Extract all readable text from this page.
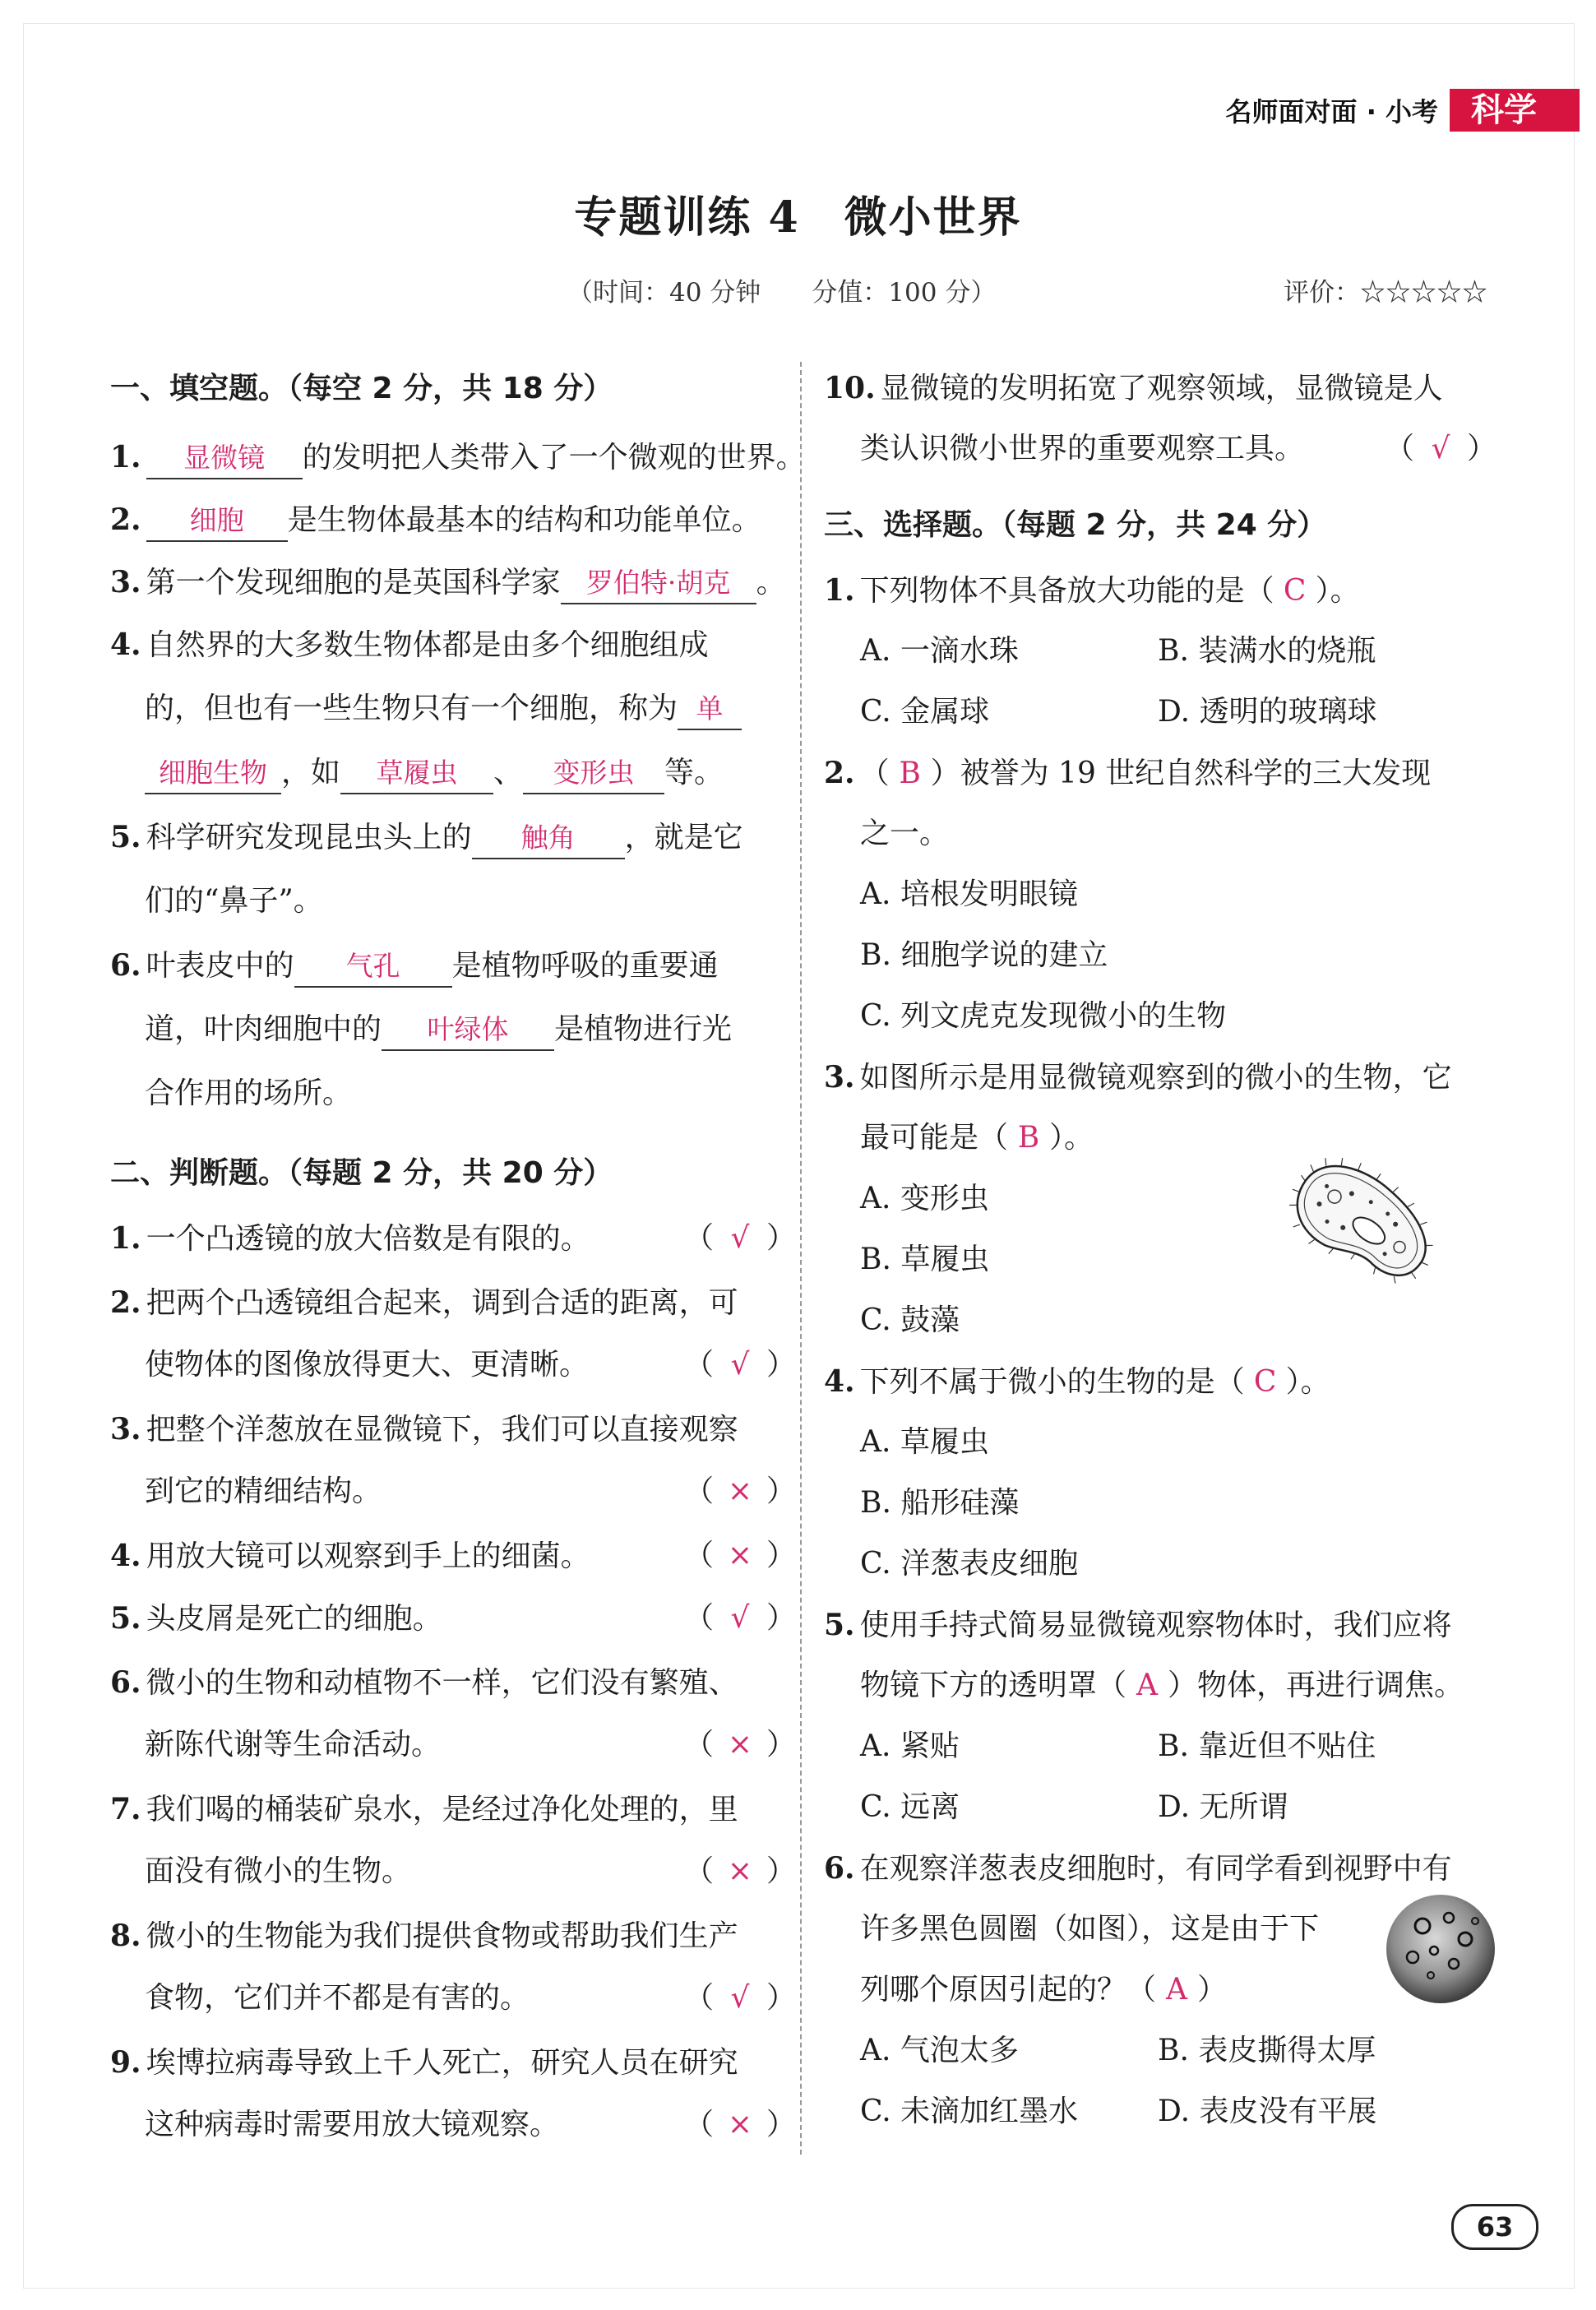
名师面对面 · 小考	科学
专题训练 4　微小世界
（时间：40 分钟　　分值：100 分）	评价：☆☆☆☆☆
一、填空题。（每空 2 分，共 18 分）
1. 显微镜 的发明把人类带入了一个微观的世界。
2. 细胞 是生物体最基本的结构和功能单位。
3. 第一个发现细胞的是英国科学家 罗伯特·胡克 。
4. 自然界的大多数生物体都是由多个细胞组成
的，但也有一些生物只有一个细胞，称为 单
细胞生物 ，如 草履虫 、 变形虫 等。
5. 科学研究发现昆虫头上的 触角 ，就是它
们的“鼻子”。
6. 叶表皮中的 气孔 是植物呼吸的重要通
道，叶肉细胞中的 叶绿体 是植物进行光
合作用的场所。
二、判断题。（每题 2 分，共 20 分）
1. 一个凸透镜的放大倍数是有限的。	（ √ ）
2. 把两个凸透镜组合起来，调到合适的距离，可
使物体的图像放得更大、更清晰。	（ √ ）
3. 把整个洋葱放在显微镜下，我们可以直接观察
到它的精细结构。	（ × ）
4. 用放大镜可以观察到手上的细菌。	（ × ）
5. 头皮屑是死亡的细胞。	（ √ ）
6. 微小的生物和动植物不一样，它们没有繁殖、
新陈代谢等生命活动。	（ × ）
7. 我们喝的桶装矿泉水，是经过净化处理的，里
面没有微小的生物。	（ × ）
8. 微小的生物能为我们提供食物或帮助我们生产
食物，它们并不都是有害的。	（ √ ）
9. 埃博拉病毒导致上千人死亡，研究人员在研究
这种病毒时需要用放大镜观察。	（ × ）
10. 显微镜的发明拓宽了观察领域，显微镜是人
类认识微小世界的重要观察工具。	（ √ ）
三、选择题。（每题 2 分，共 24 分）
1. 下列物体不具备放大功能的是（ C ）。
A. 一滴水珠	B. 装满水的烧瓶
C. 金属球	D. 透明的玻璃球
2. （ B ）被誉为 19 世纪自然科学的三大发现
之一。
A. 培根发明眼镜
B. 细胞学说的建立
C. 列文虎克发现微小的生物
3. 如图所示是用显微镜观察到的微小的生物，它
最可能是（ B ）。
A. 变形虫
B. 草履虫
C. 鼓藻
4. 下列不属于微小的生物的是（ C ）。
A. 草履虫
B. 船形硅藻
C. 洋葱表皮细胞
5. 使用手持式简易显微镜观察物体时，我们应将
物镜下方的透明罩（ A ）物体，再进行调焦。
A. 紧贴	B. 靠近但不贴住
C. 远离	D. 无所谓
6. 在观察洋葱表皮细胞时，有同学看到视野中有
许多黑色圆圈（如图），这是由于下
列哪个原因引起的？（ A ）
A. 气泡太多	B. 表皮撕得太厚
C. 未滴加红墨水	D. 表皮没有平展
63
